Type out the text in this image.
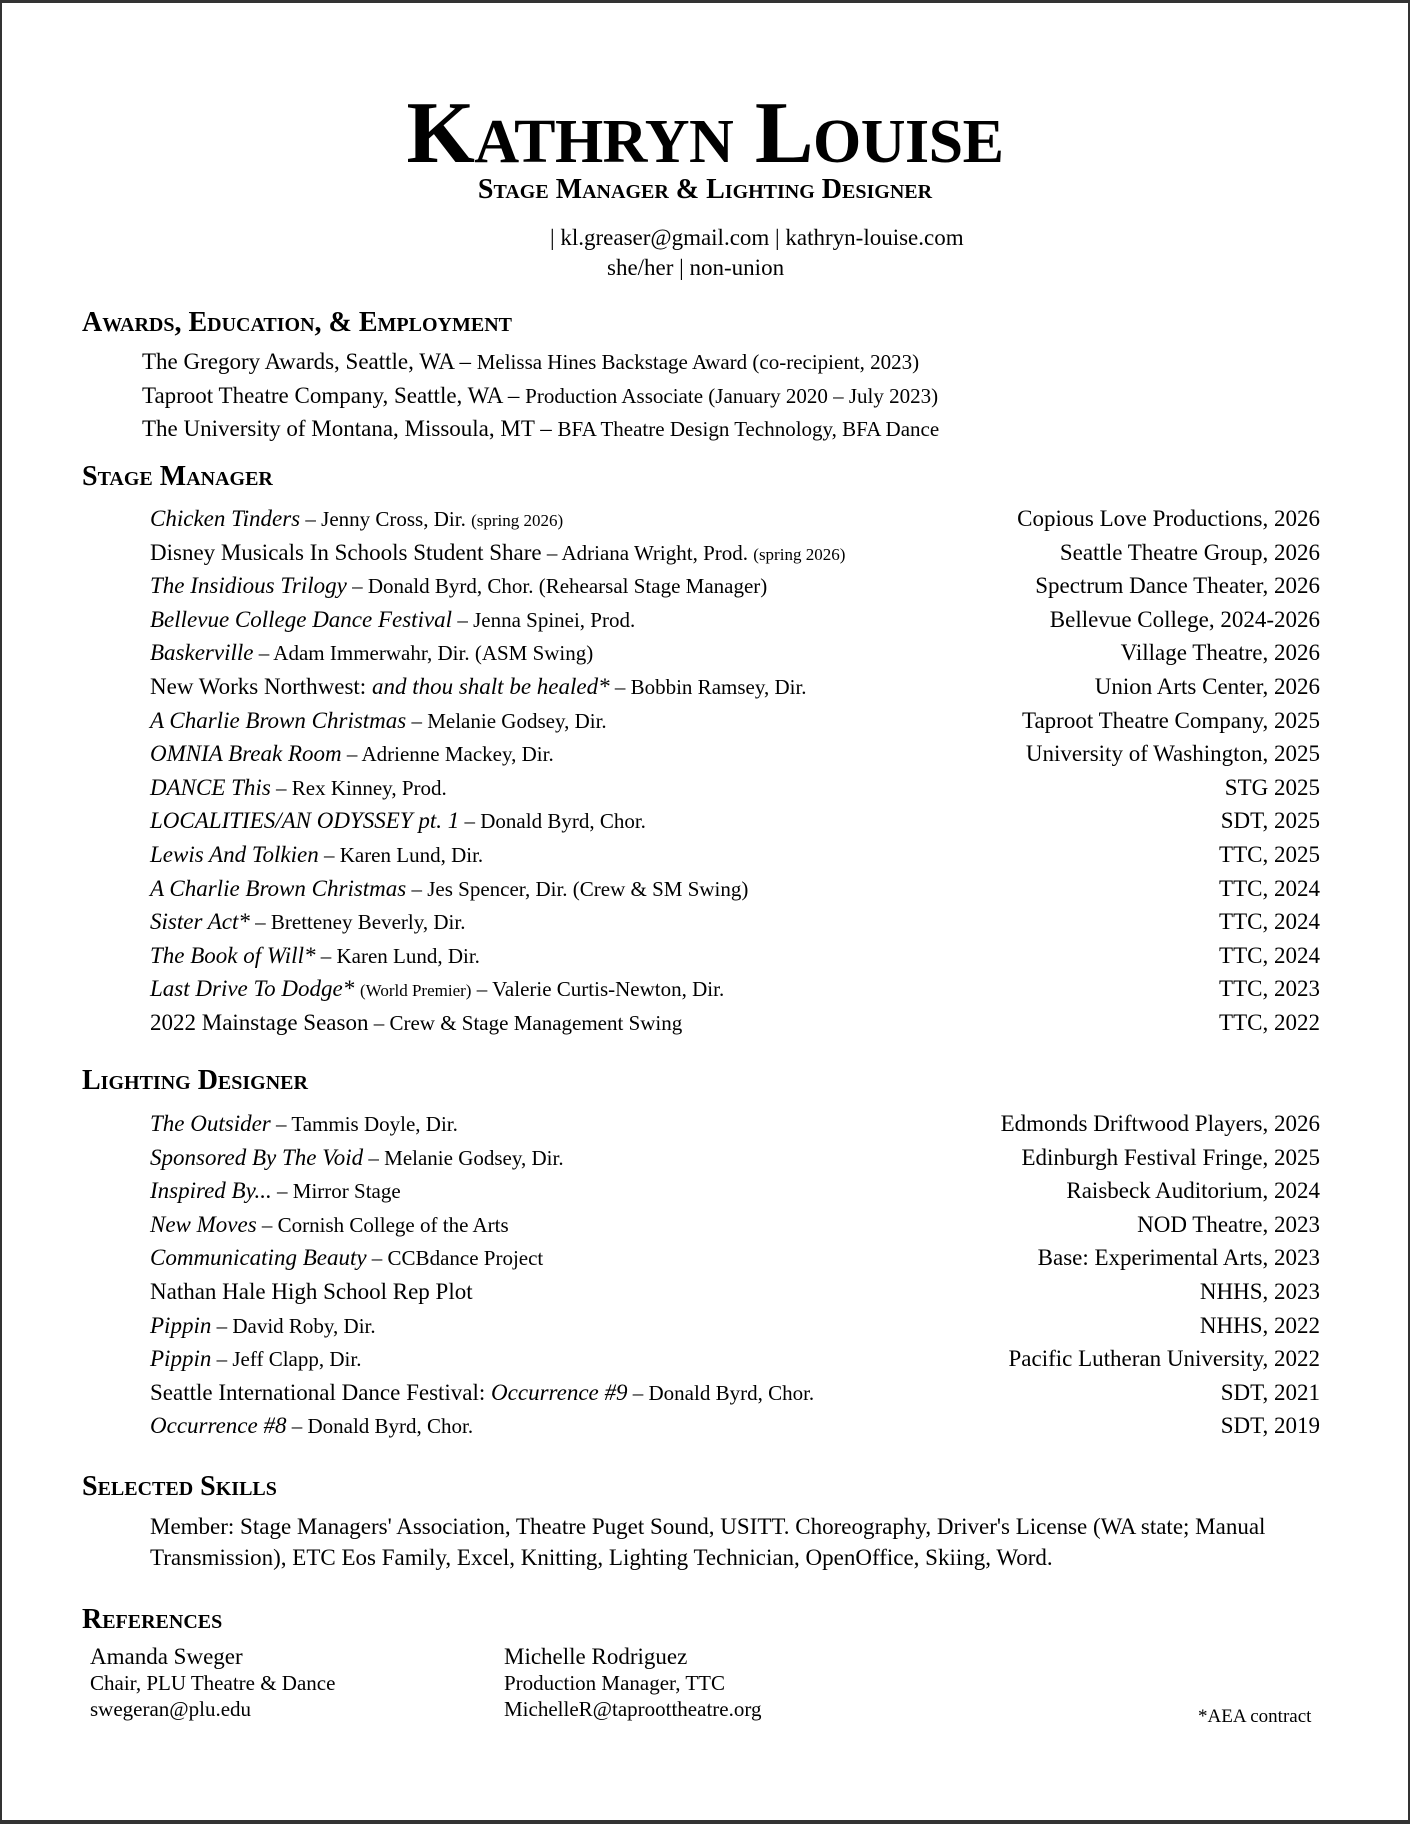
Kathryn Louise
Stage Manager & Lighting Designer
| kl.greaser@gmail.com | kathryn-louise.com
she/her | non-union
Awards, Education, & Employment
The Gregory Awards, Seattle, WA – Melissa Hines Backstage Award (co-recipient, 2023)
Taproot Theatre Company, Seattle, WA – Production Associate (January 2020 – July 2023)
The University of Montana, Missoula, MT – BFA Theatre Design Technology, BFA Dance
Stage Manager
Chicken Tinders – Jenny Cross, Dir. (spring 2026)	Copious Love Productions, 2026
Disney Musicals In Schools Student Share – Adriana Wright, Prod. (spring 2026)	Seattle Theatre Group, 2026
The Insidious Trilogy – Donald Byrd, Chor. (Rehearsal Stage Manager)	Spectrum Dance Theater, 2026
Bellevue College Dance Festival – Jenna Spinei, Prod.	Bellevue College, 2024-2026
Baskerville – Adam Immerwahr, Dir. (ASM Swing)	Village Theatre, 2026
New Works Northwest: and thou shalt be healed* – Bobbin Ramsey, Dir.	Union Arts Center, 2026
A Charlie Brown Christmas – Melanie Godsey, Dir.	Taproot Theatre Company, 2025
OMNIA Break Room – Adrienne Mackey, Dir.	University of Washington, 2025
DANCE This – Rex Kinney, Prod.	STG 2025
LOCALITIES/AN ODYSSEY pt. 1 – Donald Byrd, Chor.	SDT, 2025
Lewis And Tolkien – Karen Lund, Dir.	TTC, 2025
A Charlie Brown Christmas – Jes Spencer, Dir. (Crew & SM Swing)	TTC, 2024
Sister Act* – Bretteney Beverly, Dir.	TTC, 2024
The Book of Will* – Karen Lund, Dir.	TTC, 2024
Last Drive To Dodge* (World Premier) – Valerie Curtis-Newton, Dir.	TTC, 2023
2022 Mainstage Season – Crew & Stage Management Swing	TTC, 2022
Lighting Designer
The Outsider – Tammis Doyle, Dir.	Edmonds Driftwood Players, 2026
Sponsored By The Void – Melanie Godsey, Dir.	Edinburgh Festival Fringe, 2025
Inspired By... – Mirror Stage	Raisbeck Auditorium, 2024
New Moves – Cornish College of the Arts	NOD Theatre, 2023
Communicating Beauty – CCBdance Project	Base: Experimental Arts, 2023
Nathan Hale High School Rep Plot	NHHS, 2023
Pippin – David Roby, Dir.	NHHS, 2022
Pippin – Jeff Clapp, Dir.	Pacific Lutheran University, 2022
Seattle International Dance Festival: Occurrence #9 – Donald Byrd, Chor.	SDT, 2021
Occurrence #8 – Donald Byrd, Chor.	SDT, 2019
Selected Skills
Member: Stage Managers' Association, Theatre Puget Sound, USITT. Choreography, Driver's License (WA state; Manual Transmission), ETC Eos Family, Excel, Knitting, Lighting Technician, OpenOffice, Skiing, Word.
References
Amanda Sweger
Chair, PLU Theatre & Dance
swegeran@plu.edu
Michelle Rodriguez
Production Manager, TTC
MichelleR@taproottheatre.org	*AEA contract
